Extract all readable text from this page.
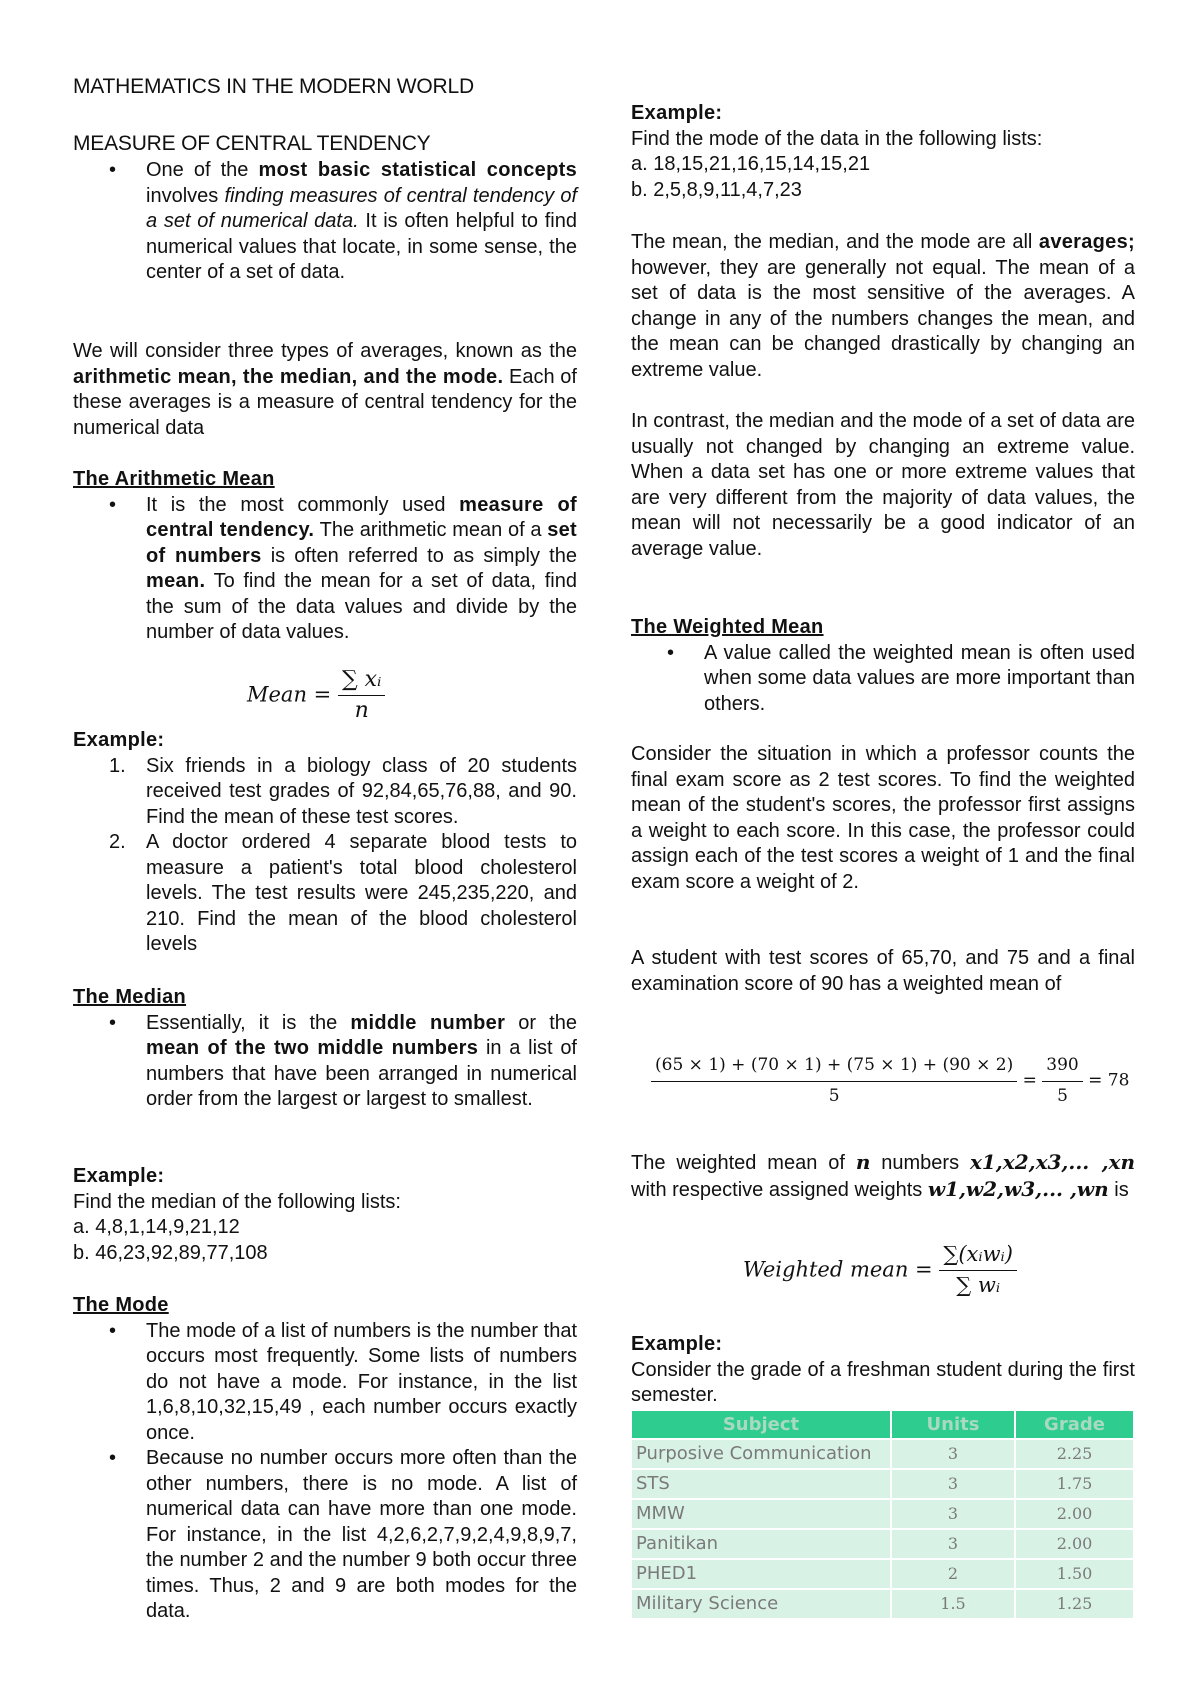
MATHEMATICS IN THE MODERN WORLD
MEASURE OF CENTRAL TENDENCY
• One of the most basic statistical concepts involves finding measures of central tendency of a set of numerical data. It is often helpful to find numerical values that locate, in some sense, the center of a set of data.

We will consider three types of averages, known as the arithmetic mean, the median, and the mode. Each of these averages is a measure of central tendency for the numerical data

The Arithmetic Mean

• It is the most commonly used measure of central tendency. The arithmetic mean of a set of numbers is often referred to as simply the mean. To find the mean for a set of data, find the sum of the data values and divide by the number of data values.
Mean = $\frac{\text{∑ xᵢ}}{n}$

Example:

1. Six friends in a biology class of 20 students received test grades of 92,84,65,76,88, and 90. Find the mean of these test scores.
2. A doctor ordered 4 separate blood tests to measure a patient's total blood cholesterol levels. The test results were 245,235,220, and 210. Find the mean of the blood cholesterol levels

The Median

• Essentially, it is the middle number or the mean of the two middle numbers in a list of numbers that have been arranged in numerical order from the largest or largest to smallest.

Example:

Find the median of the following lists:

a. 4,8,1,14,9,21,12

b. 46,23,92,89,77,108

The Mode

• The mode of a list of numbers is the number that occurs most frequently. Some lists of numbers do not have a mode. For instance, in the list 1,6,8,10,32,15,49 , each number occurs exactly once.
• Because no number occurs more often than the other numbers, there is no mode. A list of numerical data can have more than one mode. For instance, in the list 4,2,6,2,7,9,2,4,9,8,9,7, the number 2 and the number 9 both occur three times. Thus, 2 and 9 are both modes for the data.

Example:

Find the mode of the data in the following lists:

a. 18,15,21,16,15,14,15,21

b. 2,5,8,9,11,4,7,23

The mean, the median, and the mode are all averages; however, they are generally not equal. The mean of a set of data is the most sensitive of the averages. A change in any of the numbers changes the mean, and the mean can be changed drastically by changing an extreme value.

In contrast, the median and the mode of a set of data are usually not changed by changing an extreme value. When a data set has one or more extreme values that are very different from the majority of data values, the mean will not necessarily be a good indicator of an average value.

The Weighted Mean

• A value called the weighted mean is often used when some data values are more important than others.

Consider the situation in which a professor counts the final exam score as 2 test scores. To find the weighted mean of the student's scores, the professor first assigns a weight to each score. In this case, the professor could assign each of the test scores a weight of 1 and the final exam score a weight of 2.

A student with test scores of 65,70, and 75 and a final examination score of 90 has a weighted mean of

$\frac{(65 \times 1) + (70 \times 1) + (75 \times 1) + (90 \times 2)}{5} = \frac{390}{5} = 78$

The weighted mean of n numbers x1,x2,x3,... ,xn with respective assigned weights w1,w2,w3,... ,wn is

Weighted mean = $\frac{\text{∑(xᵢwᵢ)}}{\text{∑ wᵢ}}$

Example:

Consider the grade of a freshman student during the first semester.

Subject	Units	Grade
Purposive Communication	3	2.25
STS	3	1.75
MMW	3	2.00
Panitikan	3	2.00
PHED1	2	1.50
Military Science	1.5	1.25
